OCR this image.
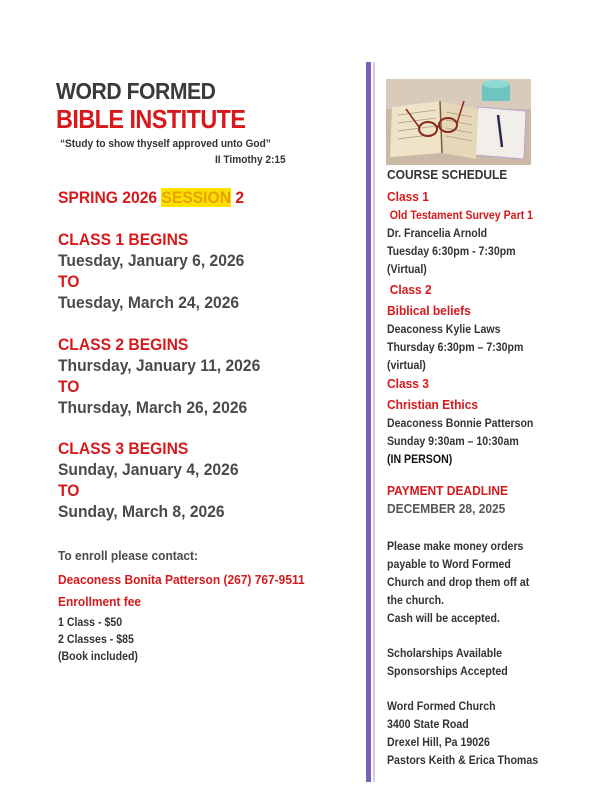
WORD FORMED
BIBLE INSTITUTE
“Study to show thyself approved unto God”
II Timothy 2:15
SPRING 2026 SESSION 2
CLASS 1 BEGINS
Tuesday, January 6, 2026
TO
Tuesday, March 24, 2026
CLASS 2 BEGINS
Thursday, January 11, 2026
TO
Thursday, March 26, 2026
CLASS 3 BEGINS
Sunday, January 4, 2026
TO
Sunday, March 8, 2026
To enroll please contact:
Deaconess Bonita Patterson (267) 767-9511
Enrollment fee
1 Class - $50
2 Classes - $85
(Book included)
COURSE SCHEDULE
Class 1
Old Testament Survey Part 1
Dr. Francelia Arnold
Tuesday 6:30pm - 7:30pm
(Virtual)
Class 2
Biblical beliefs
Deaconess Kylie Laws
Thursday 6:30pm – 7:30pm
(virtual)
Class 3
Christian Ethics
Deaconess Bonnie Patterson
Sunday 9:30am – 10:30am
(IN PERSON)
PAYMENT DEADLINE
DECEMBER 28, 2025
Please make money orders
payable to Word Formed
Church and drop them off at
the church.
Cash will be accepted.
Scholarships Available
Sponsorships Accepted
Word Formed Church
3400 State Road
Drexel Hill, Pa 19026
Pastors Keith & Erica Thomas
